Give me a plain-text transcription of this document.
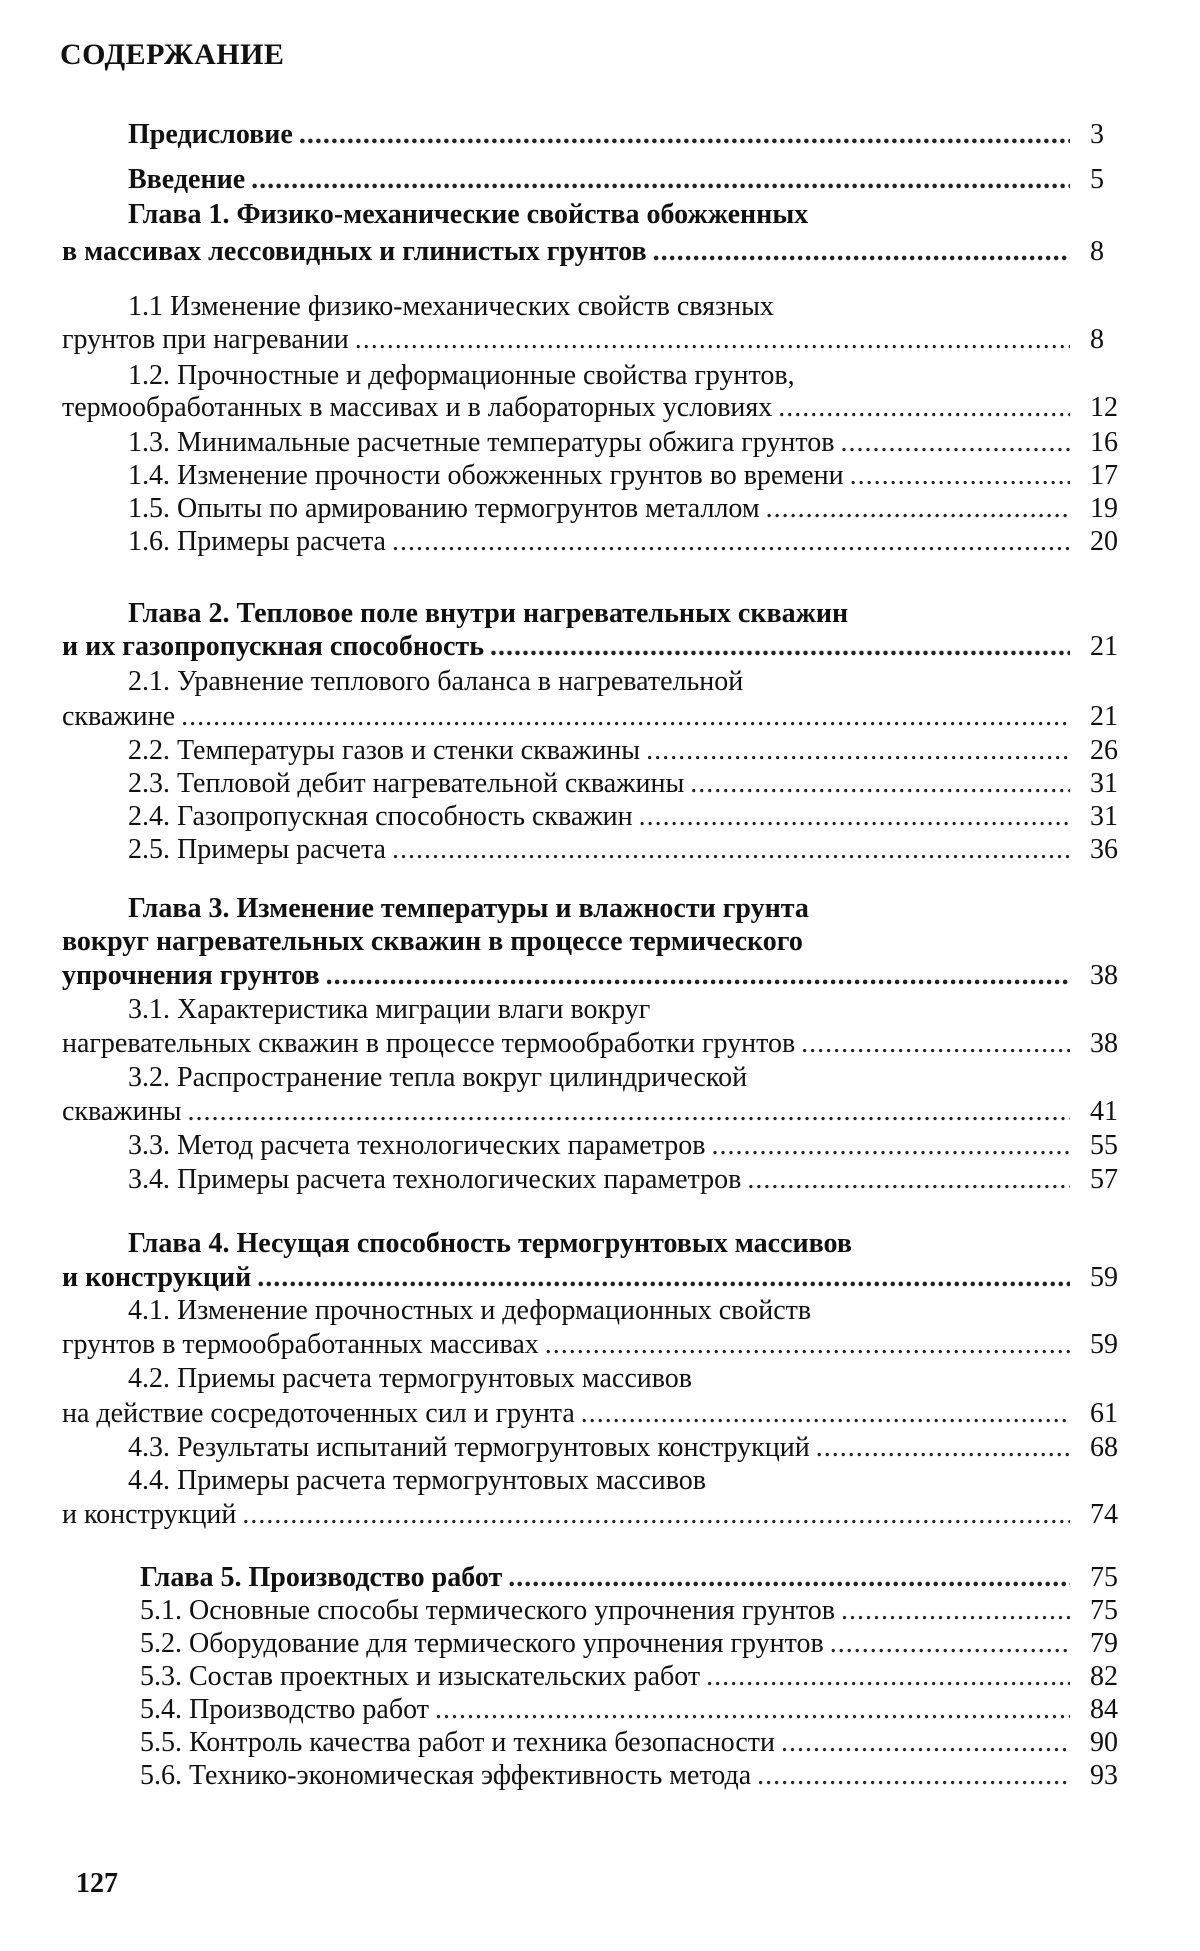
СОДЕРЖАНИЕ
Предисловие .....	3
Введение .....	5
Глава 1. Физико-механические свойства обожженных
в массивах лессовидных и глинистых грунтов .....	8
1.1 Изменение физико-механических свойств связных
грунтов при нагревании .....	8
1.2. Прочностные и деформационные свойства грунтов,
термообработанных в массивах и в лабораторных условиях .....	12
1.3. Минимальные расчетные температуры обжига грунтов .....	16
1.4. Изменение прочности обожженных грунтов во времени .....	17
1.5. Опыты по армированию термогрунтов металлом .....	19
1.6. Примеры расчета .....	20
Глава 2. Тепловое поле внутри нагревательных скважин
и их газопропускная способность .....	21
2.1. Уравнение теплового баланса в нагревательной
скважине .....	21
2.2. Температуры газов и стенки скважины .....	26
2.3. Тепловой дебит нагревательной скважины .....	31
2.4. Газопропускная способность скважин .....	31
2.5. Примеры расчета .....	36
Глава 3. Изменение температуры и влажности грунта
вокруг нагревательных скважин в процессе термического
упрочнения грунтов .....	38
3.1. Характеристика миграции влаги вокруг
нагревательных скважин в процессе термообработки грунтов .....	38
3.2. Распространение тепла вокруг цилиндрической
скважины .....	41
3.3. Метод расчета технологических параметров .....	55
3.4. Примеры расчета технологических параметров .....	57
Глава 4. Несущая способность термогрунтовых массивов
и конструкций .....	59
4.1. Изменение прочностных и деформационных свойств
грунтов в термообработанных массивах .....	59
4.2. Приемы расчета термогрунтовых массивов
на действие сосредоточенных сил и грунта .....	61
4.3. Результаты испытаний термогрунтовых конструкций .....	68
4.4. Примеры расчета термогрунтовых массивов
и конструкций .....	74
Глава 5. Производство работ .....	75
5.1. Основные способы термического упрочнения грунтов .....	75
5.2. Оборудование для термического упрочнения грунтов .....	79
5.3. Состав проектных и изыскательских работ .....	82
5.4. Производство работ .....	84
5.5. Контроль качества работ и техника безопасности .....	90
5.6. Технико-экономическая эффективность метода .....	93
127
